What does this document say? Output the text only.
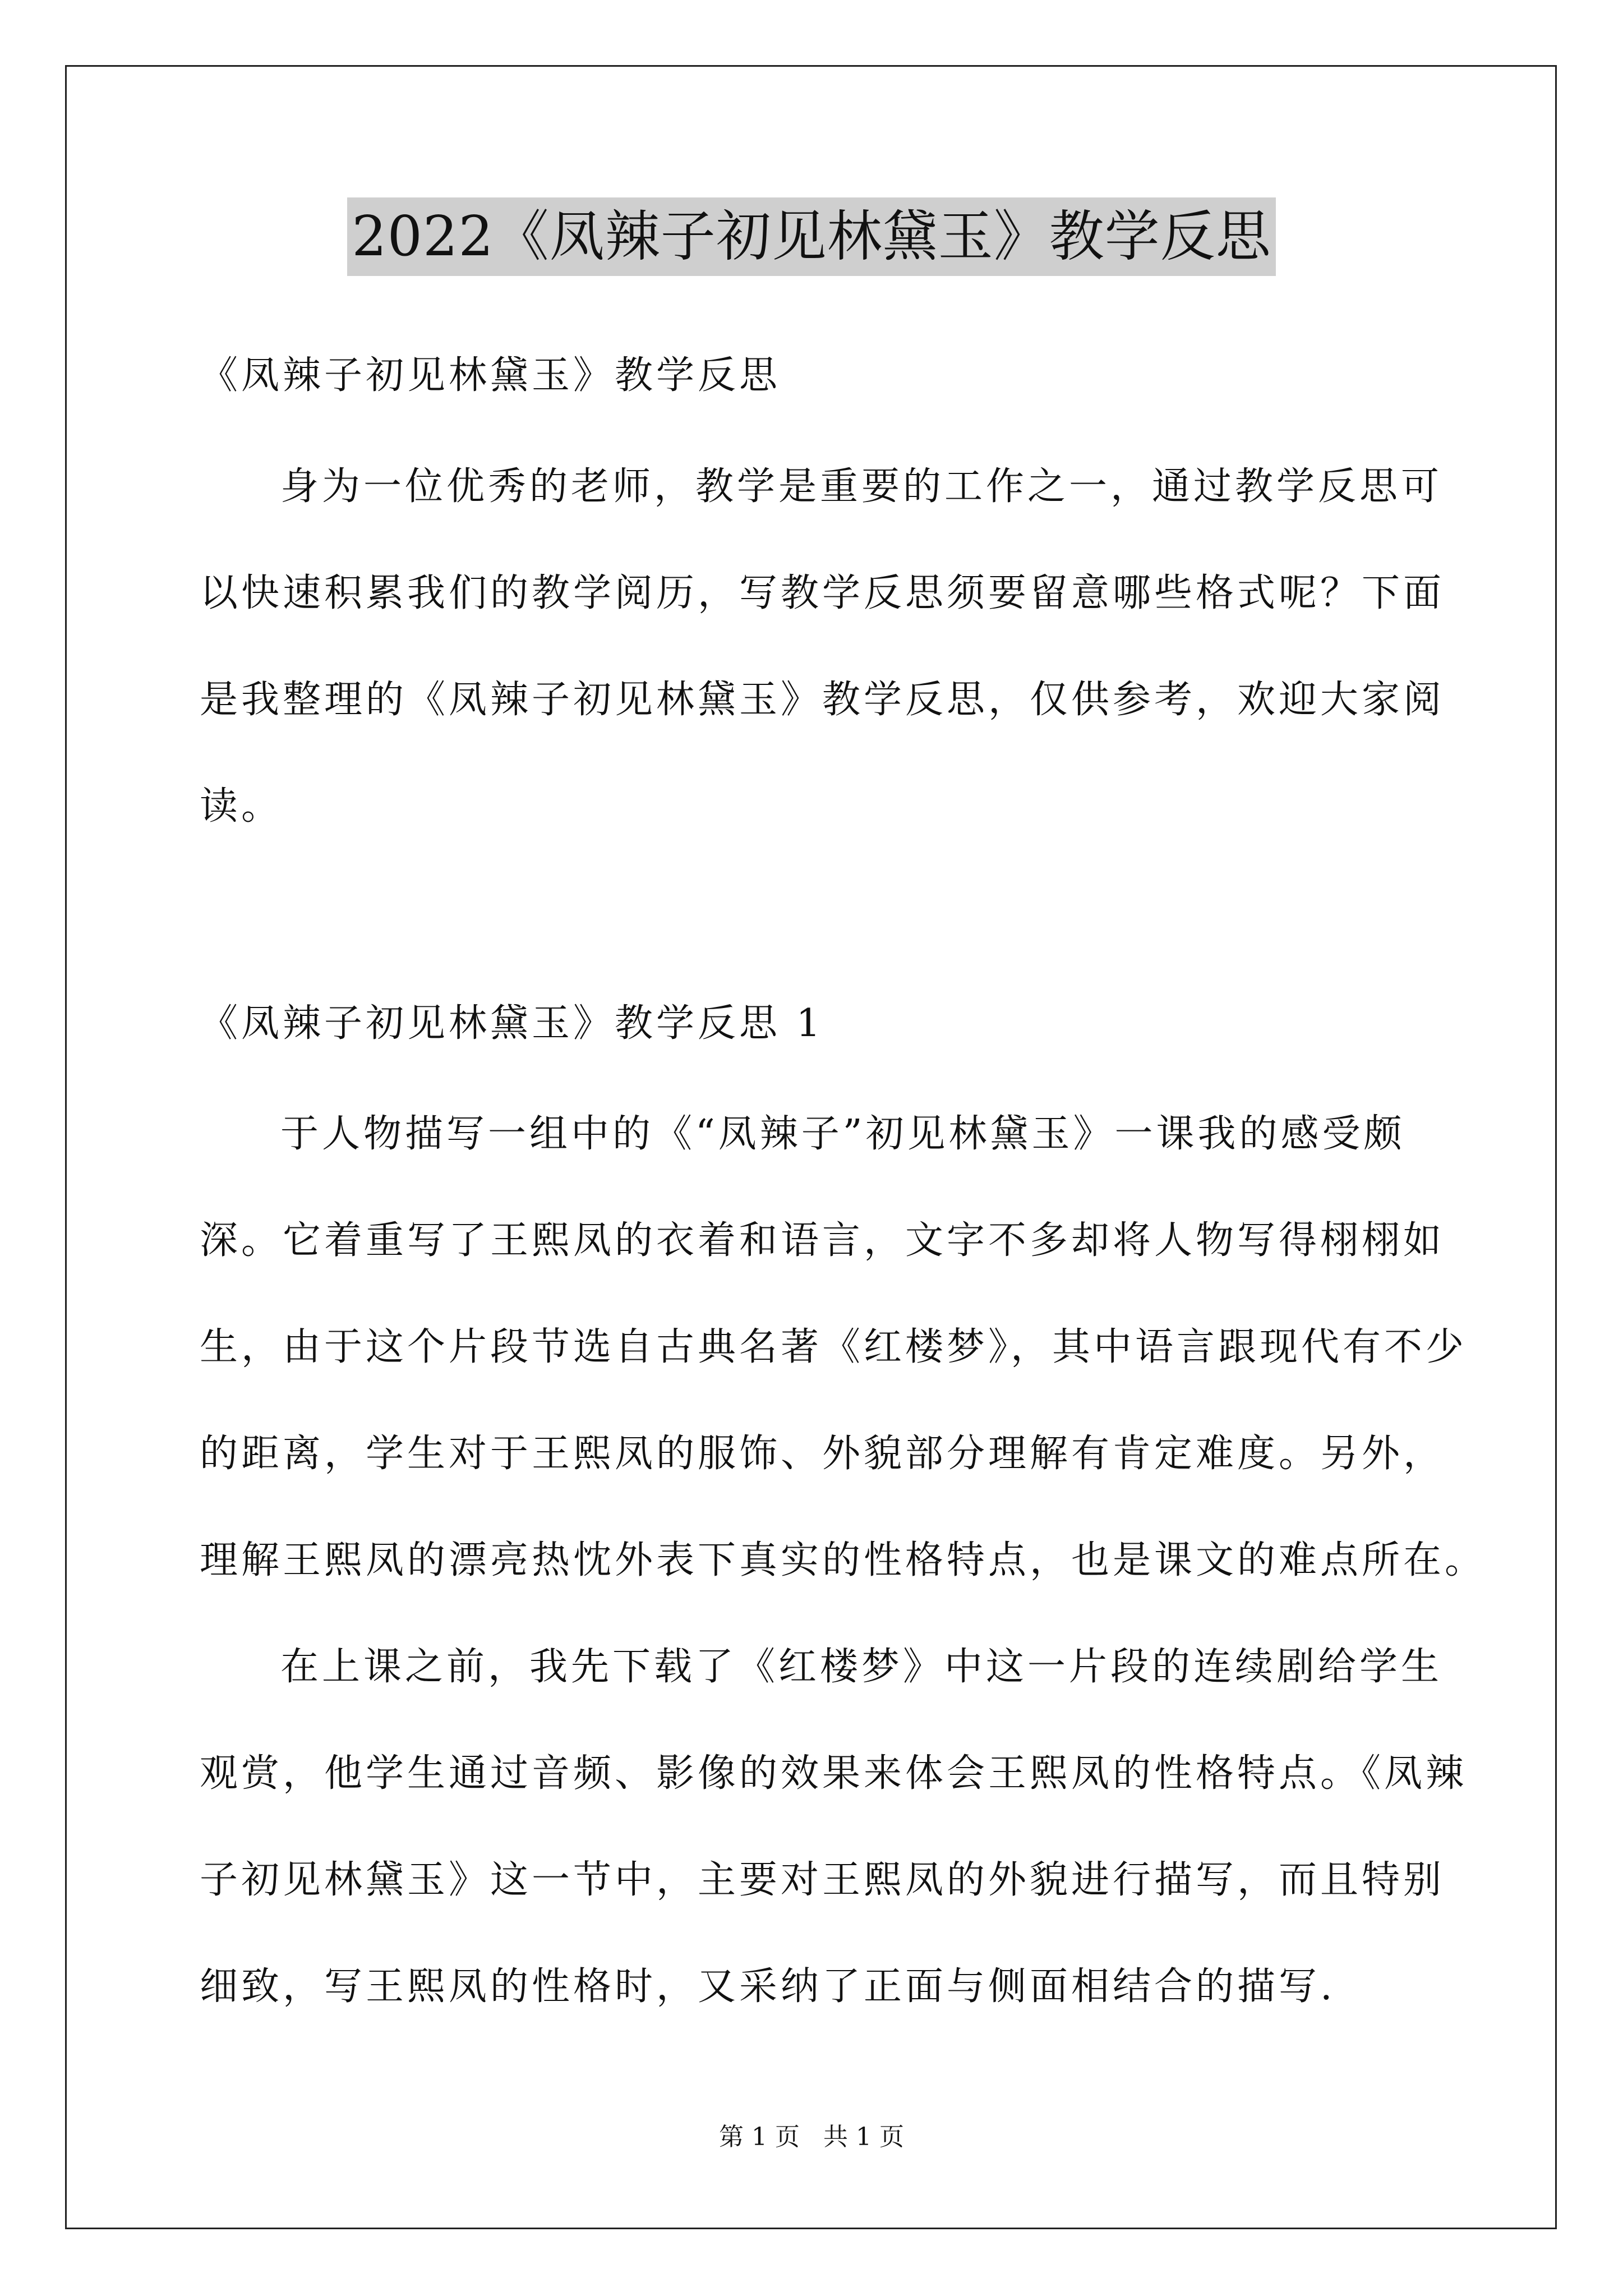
2022《凤辣子初见林黛玉》教学反思
《凤辣子初见林黛玉》教学反思
身为一位优秀的老师，教学是重要的工作之一，通过教学反思可
以快速积累我们的教学阅历，写教学反思须要留意哪些格式呢？下面
是我整理的《凤辣子初见林黛玉》教学反思，仅供参考，欢迎大家阅
读。
《凤辣子初见林黛玉》教学反思 1
于人物描写一组中的《“凤辣子”初见林黛玉》一课我的感受颇
深。它着重写了王熙凤的衣着和语言，文字不多却将人物写得栩栩如
生，由于这个片段节选自古典名著《红楼梦》，其中语言跟现代有不少
的距离，学生对于王熙凤的服饰、外貌部分理解有肯定难度。另外，
理解王熙凤的漂亮热忱外表下真实的性格特点，也是课文的难点所在。
在上课之前，我先下载了《红楼梦》中这一片段的连续剧给学生
观赏，他学生通过音频、影像的效果来体会王熙凤的性格特点。《凤辣
子初见林黛玉》这一节中，主要对王熙凤的外貌进行描写，而且特别
细致，写王熙凤的性格时，又采纳了正面与侧面相结合的描写.
第 1 页   共 1 页
